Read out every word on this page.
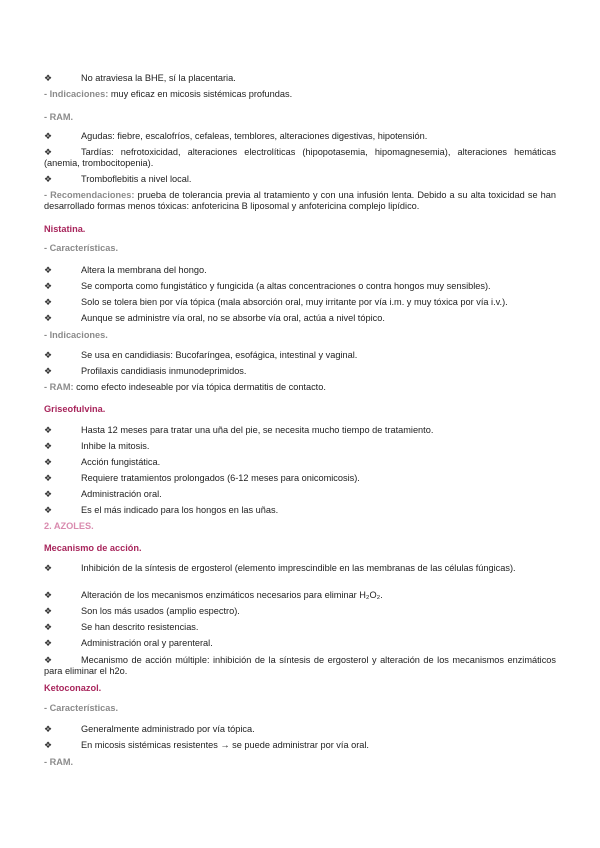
❖	No atraviesa la BHE, sí la placentaria.
- Indicaciones: muy eficaz en micosis sistémicas profundas.
- RAM.
❖	Agudas: fiebre, escalofríos, cefaleas, temblores, alteraciones digestivas, hipotensión.
❖	Tardías: nefrotoxicidad, alteraciones electrolíticas (hipopotasemia, hipomagnesemia), alteraciones hemáticas (anemia, trombocitopenia).
❖	Tromboflebitis a nivel local.
- Recomendaciones: prueba de tolerancia previa al tratamiento y con una infusión lenta. Debido a su alta toxicidad se han desarrollado formas menos tóxicas: anfotericina B liposomal y anfotericina complejo lipídico.
Nistatina.
- Características.
❖	Altera la membrana del hongo.
❖	Se comporta como fungistático y fungicida (a altas concentraciones o contra hongos muy sensibles).
❖	Solo se tolera bien por vía tópica (mala absorción oral, muy irritante por vía i.m. y muy tóxica por vía i.v.).
❖	Aunque se administre vía oral, no se absorbe vía oral, actúa a nivel tópico.
- Indicaciones.
❖	Se usa en candidiasis: Bucofaríngea, esofágica, intestinal y vaginal.
❖	Profilaxis candidiasis inmunodeprimidos.
- RAM: como efecto indeseable por vía tópica dermatitis de contacto.
Griseofulvina.
❖	Hasta 12 meses para tratar una uña del pie, se necesita mucho tiempo de tratamiento.
❖	Inhibe la mitosis.
❖	Acción fungistática.
❖	Requiere tratamientos prolongados (6-12 meses para onicomicosis).
❖	Administración oral.
❖	Es el más indicado para los hongos en las uñas.
2. AZOLES.
Mecanismo de acción.
❖	Inhibición de la síntesis de ergosterol (elemento imprescindible en las membranas de las células fúngicas).
❖	Alteración de los mecanismos enzimáticos necesarios para eliminar H₂O₂.
❖	Son los más usados (amplio espectro).
❖	Se han descrito resistencias.
❖	Administración oral y parenteral.
❖	Mecanismo de acción múltiple: inhibición de la síntesis de ergosterol y alteración de los mecanismos enzimáticos para eliminar el h2o.
Ketoconazol.
- Características.
❖	Generalmente administrado por vía tópica.
❖	En micosis sistémicas resistentes → se puede administrar por vía oral.
- RAM.
